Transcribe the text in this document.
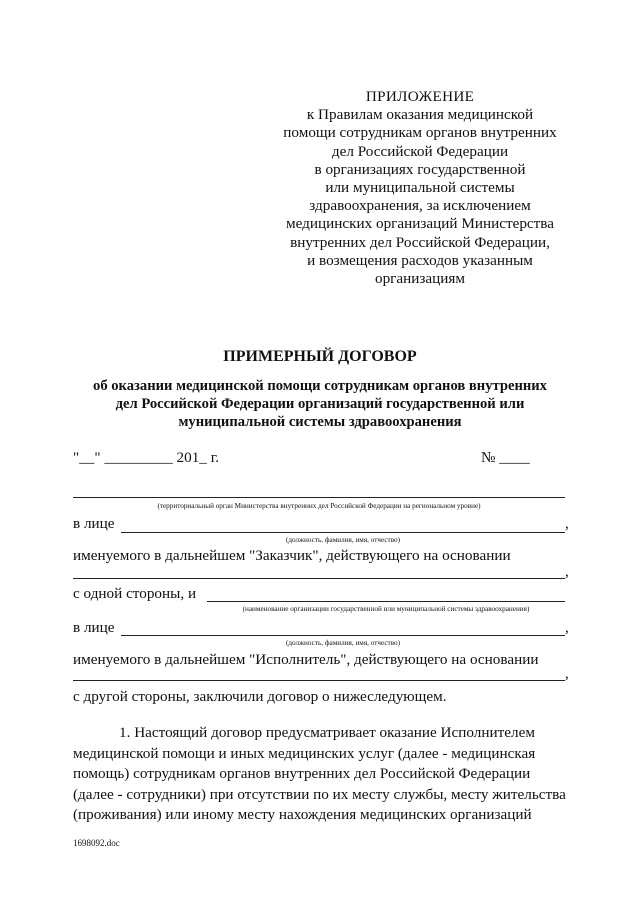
ПРИЛОЖЕНИЕ
к Правилам оказания медицинской
помощи сотрудникам органов внутренних
дел Российской Федерации
в организациях государственной
или муниципальной системы
здравоохранения, за исключением
медицинских организаций Министерства
внутренних дел Российской Федерации,
и возмещения расходов указанным
организациям
ПРИМЕРНЫЙ ДОГОВОР
об оказании медицинской помощи сотрудникам органов внутренних
дел Российской Федерации организаций государственной или
муниципальной системы здравоохранения
"__" _________ 201_ г.	№ ____
(территориальный орган Министерства внутренних дел Российской Федерации на региональном уровне)
в лице	,
(должность, фамилия, имя, отчество)
именуемого в дальнейшем "Заказчик", действующего на основании
,
с одной стороны, и
(наименование организации государственной или муниципальной системы здравоохранения)
в лице	,
(должность, фамилия, имя, отчество)
именуемого в дальнейшем "Исполнитель", действующего на основании
,
с другой стороны, заключили договор о нижеследующем.
1. Настоящий договор предусматривает оказание Исполнителем
медицинской помощи и иных медицинских услуг (далее - медицинская
помощь) сотрудникам органов внутренних дел Российской Федерации
(далее - сотрудники) при отсутствии по их месту службы, месту жительства
(проживания) или иному месту нахождения медицинских организаций
1698092.doc
